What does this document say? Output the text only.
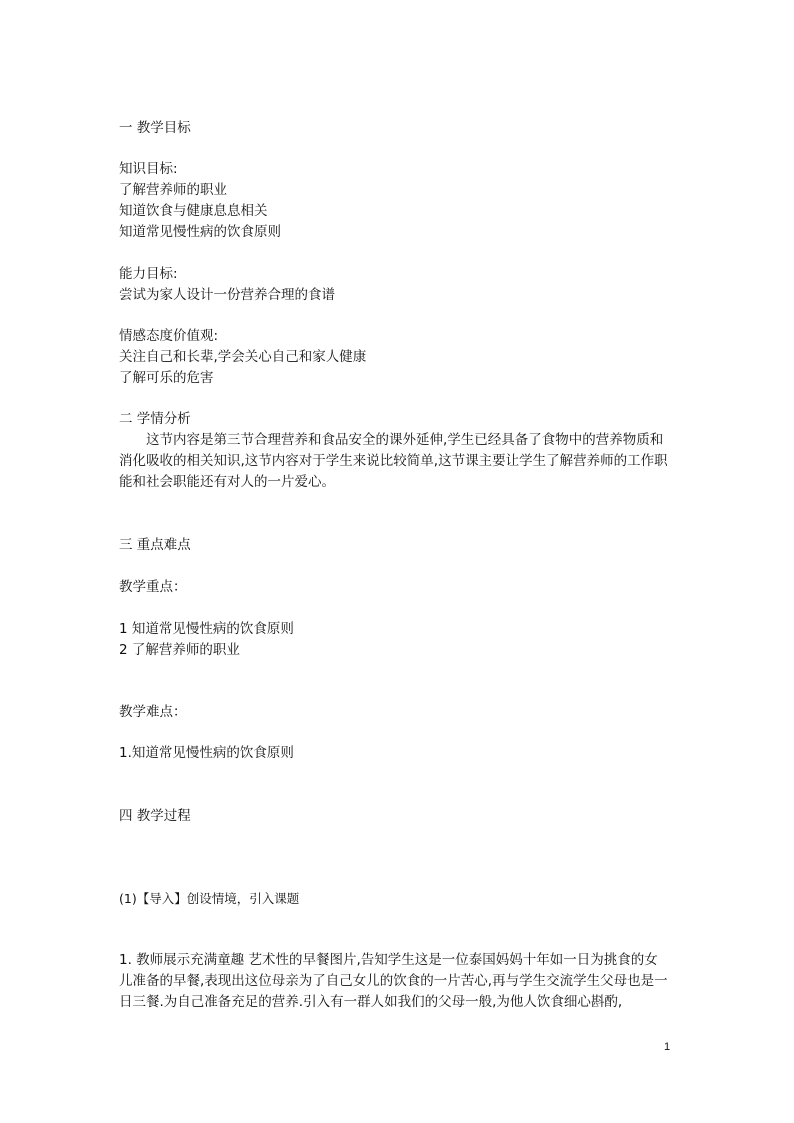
一 教学目标
知识目标:
了解营养师的职业
知道饮食与健康息息相关
知道常见慢性病的饮食原则
能力目标:
尝试为家人设计一份营养合理的食谱
情感态度价值观:
关注自己和长辈,学会关心自己和家人健康
了解可乐的危害
二 学情分析
这节内容是第三节合理营养和食品安全的课外延伸,学生已经具备了食物中的营养物质和消化吸收的相关知识,这节内容对于学生来说比较简单,这节课主要让学生了解营养师的工作职能和社会职能还有对人的一片爱心。
三 重点难点
教学重点：
1 知道常见慢性病的饮食原则
2 了解营养师的职业
教学难点：
1.知道常见慢性病的饮食原则
四 教学过程
(1)【导入】创设情境，引入课题
1. 教师展示充满童趣 艺术性的早餐图片,告知学生这是一位泰国妈妈十年如一日为挑食的女儿准备的早餐,表现出这位母亲为了自己女儿的饮食的一片苦心,再与学生交流学生父母也是一日三餐.为自己准备充足的营养.引入有一群人如我们的父母一般,为他人饮食细心斟酌,
1
